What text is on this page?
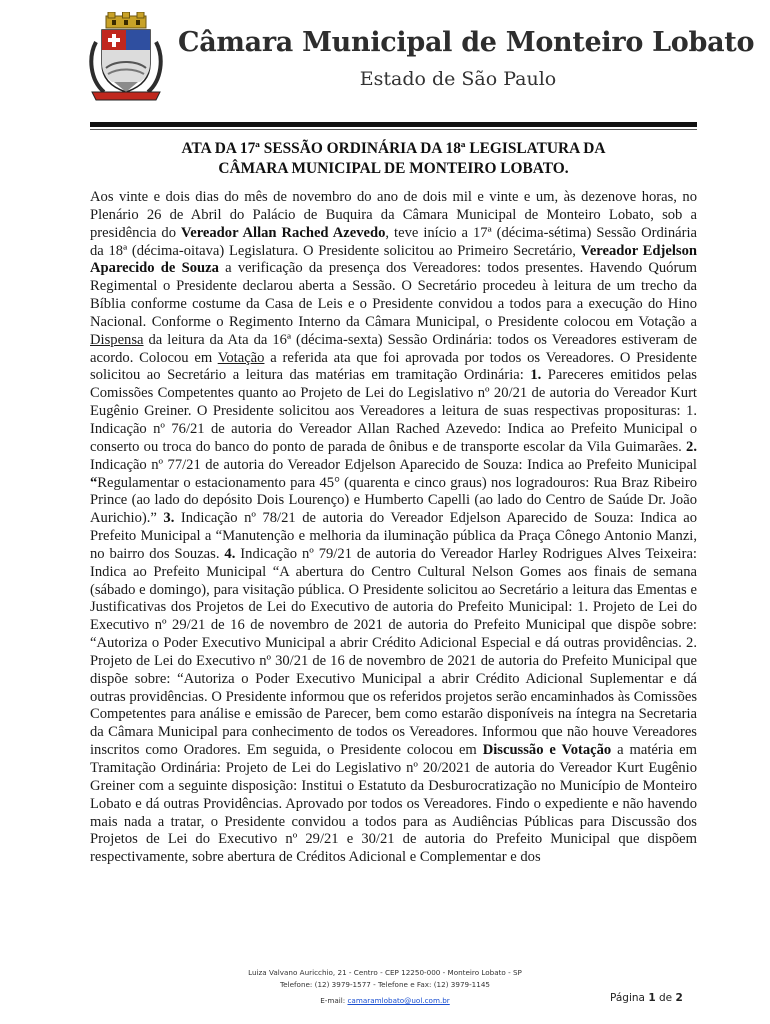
Câmara Municipal de Monteiro Lobato
Estado de São Paulo
ATA DA 17ª SESSÃO ORDINÁRIA DA 18ª LEGISLATURA DA
CÂMARA MUNICIPAL DE MONTEIRO LOBATO.
Aos vinte e dois dias do mês de novembro do ano de dois mil e vinte e um, às dezenove horas, no Plenário 26 de Abril do Palácio de Buquira da Câmara Municipal de Monteiro Lobato, sob a presidência do Vereador Allan Rached Azevedo, teve início a 17ª (décima-sétima) Sessão Ordinária da 18ª (décima-oitava) Legislatura. O Presidente solicitou ao Primeiro Secretário, Vereador Edjelson Aparecido de Souza a verificação da presença dos Vereadores: todos presentes. Havendo Quórum Regimental o Presidente declarou aberta a Sessão. O Secretário procedeu à leitura de um trecho da Bíblia conforme costume da Casa de Leis e o Presidente convidou a todos para a execução do Hino Nacional. Conforme o Regimento Interno da Câmara Municipal, o Presidente colocou em Votação a Dispensa da leitura da Ata da 16ª (décima-sexta) Sessão Ordinária: todos os Vereadores estiveram de acordo. Colocou em Votação a referida ata que foi aprovada por todos os Vereadores. O Presidente solicitou ao Secretário a leitura das matérias em tramitação Ordinária: 1. Pareceres emitidos pelas Comissões Competentes quanto ao Projeto de Lei do Legislativo nº 20/21 de autoria do Vereador Kurt Eugênio Greiner. O Presidente solicitou aos Vereadores a leitura de suas respectivas proposituras: 1. Indicação nº 76/21 de autoria do Vereador Allan Rached Azevedo: Indica ao Prefeito Municipal o conserto ou troca do banco do ponto de parada de ônibus e de transporte escolar da Vila Guimarães. 2. Indicação nº 77/21 de autoria do Vereador Edjelson Aparecido de Souza: Indica ao Prefeito Municipal “Regulamentar o estacionamento para 45° (quarenta e cinco graus) nos logradouros: Rua Braz Ribeiro Prince (ao lado do depósito Dois Lourenço) e Humberto Capelli (ao lado do Centro de Saúde Dr. João Aurichio).” 3. Indicação nº 78/21 de autoria do Vereador Edjelson Aparecido de Souza: Indica ao Prefeito Municipal a “Manutenção e melhoria da iluminação pública da Praça Cônego Antonio Manzi, no bairro dos Souzas. 4. Indicação nº 79/21 de autoria do Vereador Harley Rodrigues Alves Teixeira: Indica ao Prefeito Municipal “A abertura do Centro Cultural Nelson Gomes aos finais de semana (sábado e domingo), para visitação pública. O Presidente solicitou ao Secretário a leitura das Ementas e Justificativas dos Projetos de Lei do Executivo de autoria do Prefeito Municipal: 1. Projeto de Lei do Executivo nº 29/21 de 16 de novembro de 2021 de autoria do Prefeito Municipal que dispõe sobre: “Autoriza o Poder Executivo Municipal a abrir Crédito Adicional Especial e dá outras providências. 2. Projeto de Lei do Executivo nº 30/21 de 16 de novembro de 2021 de autoria do Prefeito Municipal que dispõe sobre: “Autoriza o Poder Executivo Municipal a abrir Crédito Adicional Suplementar e dá outras providências. O Presidente informou que os referidos projetos serão encaminhados às Comissões Competentes para análise e emissão de Parecer, bem como estarão disponíveis na íntegra na Secretaria da Câmara Municipal para conhecimento de todos os Vereadores. Informou que não houve Vereadores inscritos como Oradores. Em seguida, o Presidente colocou em Discussão e Votação a matéria em Tramitação Ordinária: Projeto de Lei do Legislativo nº 20/2021 de autoria do Vereador Kurt Eugênio Greiner com a seguinte disposição: Institui o Estatuto da Desburocratização no Município de Monteiro Lobato e dá outras Providências. Aprovado por todos os Vereadores. Findo o expediente e não havendo mais nada a tratar, o Presidente convidou a todos para as Audiências Públicas para Discussão dos Projetos de Lei do Executivo nº 29/21 e 30/21 de autoria do Prefeito Municipal que dispõem respectivamente, sobre abertura de Créditos Adicional e Complementar e dos
Luiza Valvano Auricchio, 21 - Centro - CEP 12250-000 - Monteiro Lobato - SP
Telefone: (12) 3979-1577 - Telefone e Fax: (12) 3979-1145
E-mail: camaramlobato@uol.com.br	Página 1 de 2
